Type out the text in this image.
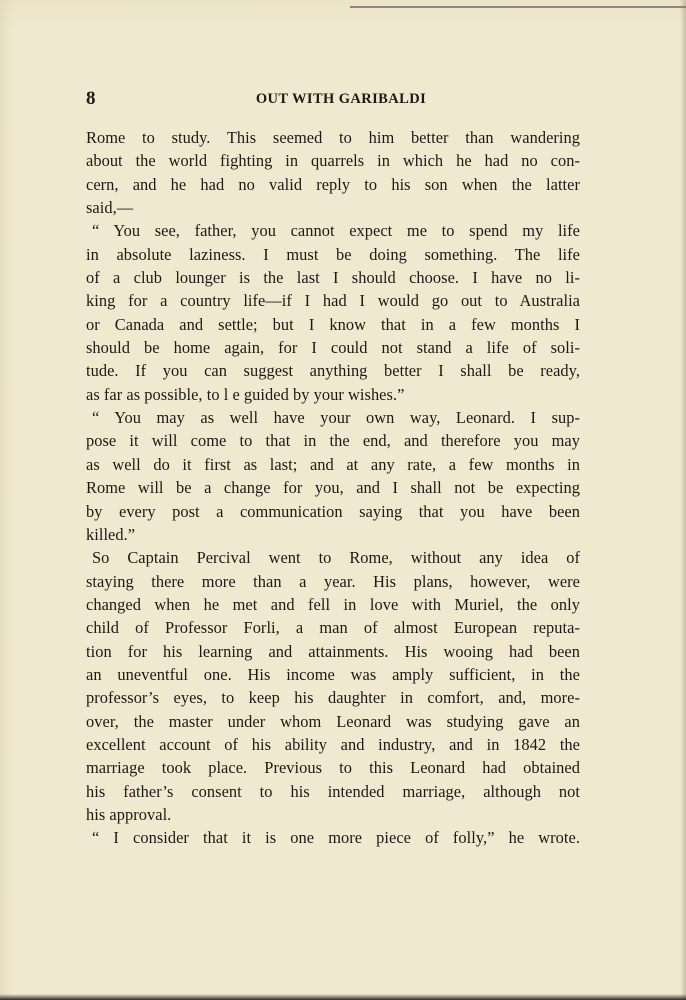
8	OUT WITH GARIBALDI
Rome to study. This seemed to him better than wandering
about the world fighting in quarrels in which he had no con-
cern, and he had no valid reply to his son when the latter
said,—
“ You see, father, you cannot expect me to spend my life
in absolute laziness. I must be doing something. The life
of a club lounger is the last I should choose. I have no li-
king for a country life—if I had I would go out to Australia
or Canada and settle; but I know that in a few months I
should be home again, for I could not stand a life of soli-
tude. If you can suggest anything better I shall be ready,
as far as possible, to l e guided by your wishes.”
“ You may as well have your own way, Leonard. I sup-
pose it will come to that in the end, and therefore you may
as well do it first as last; and at any rate, a few months in
Rome will be a change for you, and I shall not be expecting
by every post a communication saying that you have been
killed.”
So Captain Percival went to Rome, without any idea of
staying there more than a year. His plans, however, were
changed when he met and fell in love with Muriel, the only
child of Professor Forli, a man of almost European reputa-
tion for his learning and attainments. His wooing had been
an uneventful one. His income was amply sufficient, in the
professor’s eyes, to keep his daughter in comfort, and, more-
over, the master under whom Leonard was studying gave an
excellent account of his ability and industry, and in 1842 the
marriage took place. Previous to this Leonard had obtained
his father’s consent to his intended marriage, although not
his approval.
“ I consider that it is one more piece of folly,” he wrote.
